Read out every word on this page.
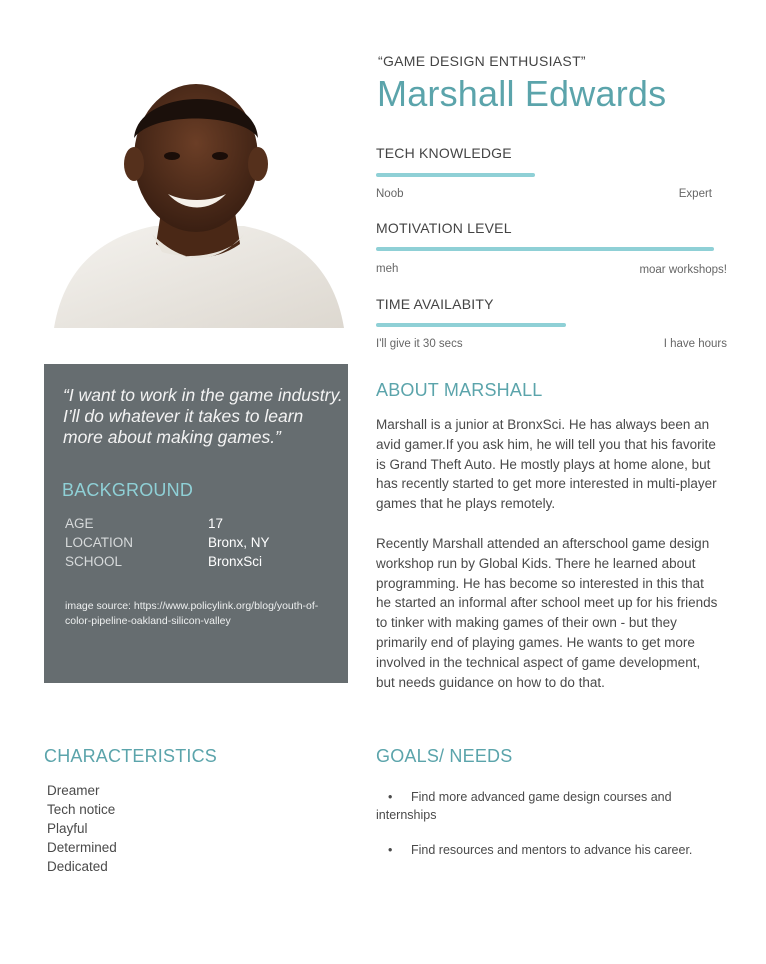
“I want to work in the game industry. I’ll do whatever it takes to learn more about making games.”
BACKGROUND
AGE	17
LOCATION	Bronx, NY
SCHOOL	BronxSci
image source: https://www.policylink.org/blog/youth-of-color-pipeline-oakland-silicon-valley
“GAME DESIGN ENTHUSIAST”
Marshall Edwards
TECH KNOWLEDGE
Noob	Expert
MOTIVATION LEVEL
meh	moar workshops!
TIME AVAILABITY
I'll give it 30 secs	I have hours
ABOUT MARSHALL
Marshall is a junior at BronxSci. He has always been an avid gamer.If you ask him, he will tell you that his favorite is Grand Theft Auto. He mostly plays at home alone, but has recently started to get more interested in multi-player games that he plays remotely.
Recently Marshall attended an afterschool game design workshop run by Global Kids. There he learned about programming. He has become so interested in this that he started an informal after school meet up for his friends to tinker with making games of their own - but they primarily end of playing games. He wants to get more involved in the technical aspect of game development, but needs guidance on how to do that.
CHARACTERISTICS
Dreamer
Tech notice
Playful
Determined
Dedicated
GOALS/ NEEDS
• Find more advanced game design courses and internships
• Find resources and mentors to advance his career.
